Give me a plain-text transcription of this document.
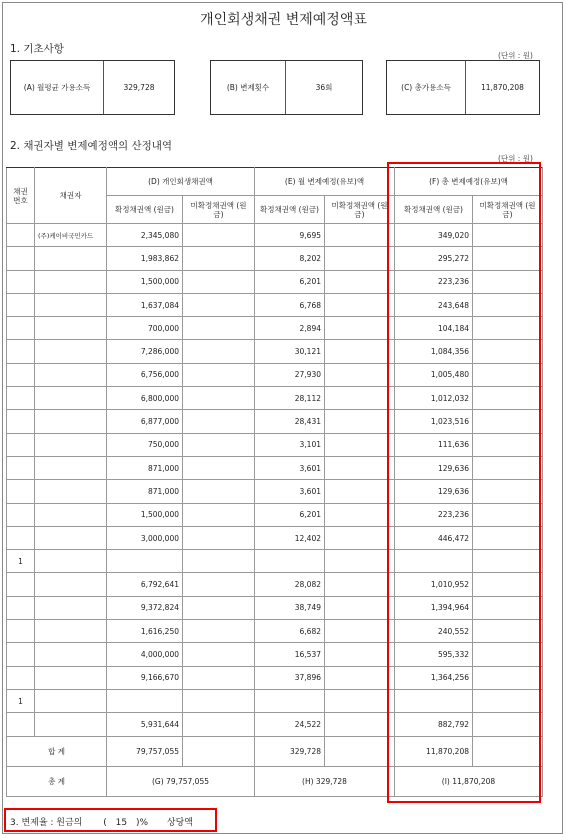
개인회생채권 변제예정액표
1. 기초사항
(단위 : 원)
(A) 월평균 가용소득	329,728	(B) 변제횟수	36회	(C) 총가용소득	11,870,208
2. 채권자별 변제예정액의 산정내역
(단위 : 원)
채권 번호	채권자	(D) 개인회생채권액		(E) 월 변제예정(유보)액		(F) 총 변제예정(유보)액	
		확정채권액 (원금)	미확정채권액 (원금)	확정채권액 (원금)	미확정채권액 (원금)	확정채권액 (원금)	미확정채권액 (원금)
	(주)케이비국민카드	2,345,080		9,695		349,020	
		1,983,862		8,202		295,272	
		1,500,000		6,201		223,236	
		1,637,084		6,768		243,648	
		700,000		2,894		104,184	
		7,286,000		30,121		1,084,356	
		6,756,000		27,930		1,005,480	
		6,800,000		28,112		1,012,032	
		6,877,000		28,431		1,023,516	
		750,000		3,101		111,636	
		871,000		3,601		129,636	
		871,000		3,601		129,636	
		1,500,000		6,201		223,236	
		3,000,000		12,402		446,472	
1							
		6,792,641		28,082		1,010,952	
		9,372,824		38,749		1,394,964	
		1,616,250		6,682		240,552	
		4,000,000		16,537		595,332	
		9,166,670		37,896		1,364,256	
1							
		5,931,644		24,522		882,792	
합 계		79,757,055		329,728		11,870,208	
총 계		(G) 79,757,055		(H) 329,728		(I) 11,870,208	
3. 변제율 : 원금의 ( 15 )% 상당액
